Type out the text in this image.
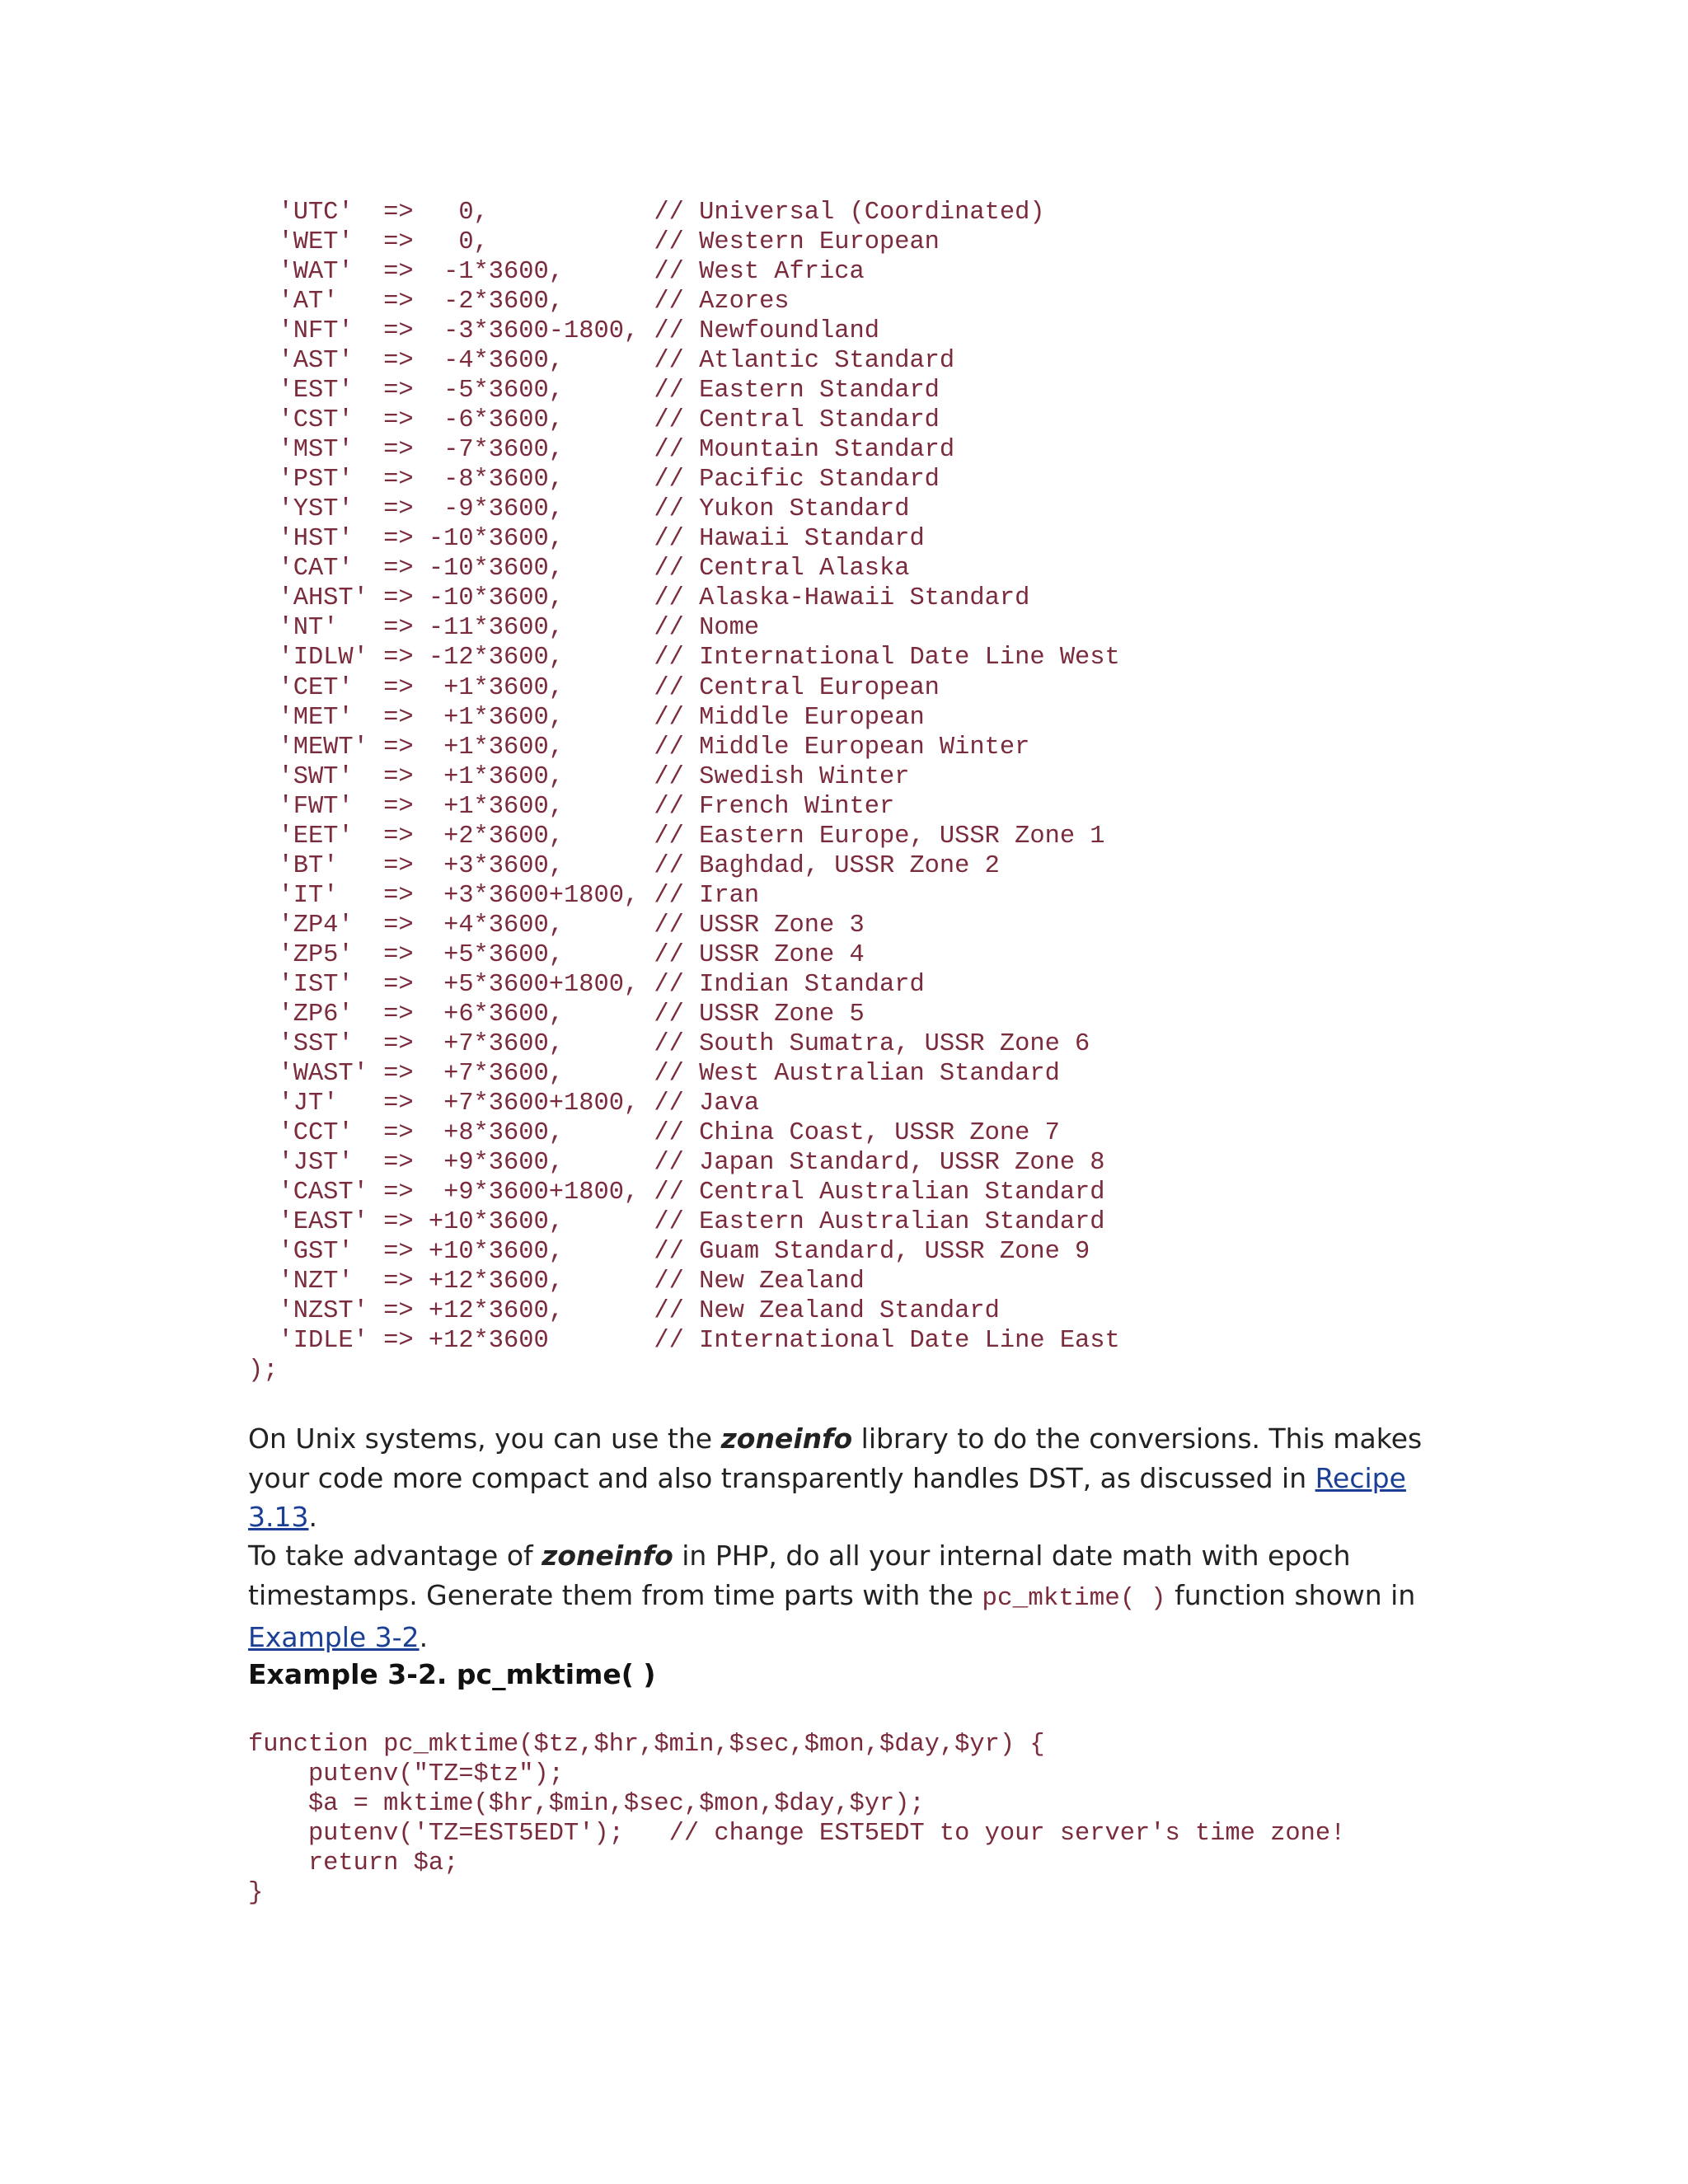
'UTC'  =>   0,           // Universal (Coordinated)
'WET'  =>   0,           // Western European
'WAT'  =>  -1*3600,      // West Africa
'AT'   =>  -2*3600,      // Azores
'NFT'  =>  -3*3600-1800, // Newfoundland
'AST'  =>  -4*3600,      // Atlantic Standard
'EST'  =>  -5*3600,      // Eastern Standard
'CST'  =>  -6*3600,      // Central Standard
'MST'  =>  -7*3600,      // Mountain Standard
'PST'  =>  -8*3600,      // Pacific Standard
'YST'  =>  -9*3600,      // Yukon Standard
'HST'  => -10*3600,      // Hawaii Standard
'CAT'  => -10*3600,      // Central Alaska
'AHST' => -10*3600,      // Alaska-Hawaii Standard
'NT'   => -11*3600,      // Nome
'IDLW' => -12*3600,      // International Date Line West
'CET'  =>  +1*3600,      // Central European
'MET'  =>  +1*3600,      // Middle European
'MEWT' =>  +1*3600,      // Middle European Winter
'SWT'  =>  +1*3600,      // Swedish Winter
'FWT'  =>  +1*3600,      // French Winter
'EET'  =>  +2*3600,      // Eastern Europe, USSR Zone 1
'BT'   =>  +3*3600,      // Baghdad, USSR Zone 2
'IT'   =>  +3*3600+1800, // Iran
'ZP4'  =>  +4*3600,      // USSR Zone 3
'ZP5'  =>  +5*3600,      // USSR Zone 4
'IST'  =>  +5*3600+1800, // Indian Standard
'ZP6'  =>  +6*3600,      // USSR Zone 5
'SST'  =>  +7*3600,      // South Sumatra, USSR Zone 6
'WAST' =>  +7*3600,      // West Australian Standard
'JT'   =>  +7*3600+1800, // Java
'CCT'  =>  +8*3600,      // China Coast, USSR Zone 7
'JST'  =>  +9*3600,      // Japan Standard, USSR Zone 8
'CAST' =>  +9*3600+1800, // Central Australian Standard
'EAST' => +10*3600,      // Eastern Australian Standard
'GST'  => +10*3600,      // Guam Standard, USSR Zone 9
'NZT'  => +12*3600,      // New Zealand
'NZST' => +12*3600,      // New Zealand Standard
'IDLE' => +12*3600       // International Date Line East
);

On Unix systems, you can use the zoneinfo library to do the conversions. This makes your code more compact and also transparently handles DST, as discussed in Recipe 3.13.

To take advantage of zoneinfo in PHP, do all your internal date math with epoch timestamps. Generate them from time parts with the pc_mktime( ) function shown in Example 3-2.

Example 3-2. pc_mktime( )
function pc_mktime($tz,$hr,$min,$sec,$mon,$day,$yr) {
putenv("TZ=$tz");
$a = mktime($hr,$min,$sec,$mon,$day,$yr);
putenv('TZ=EST5EDT');   // change EST5EDT to your server's time zone!
return $a;
}
